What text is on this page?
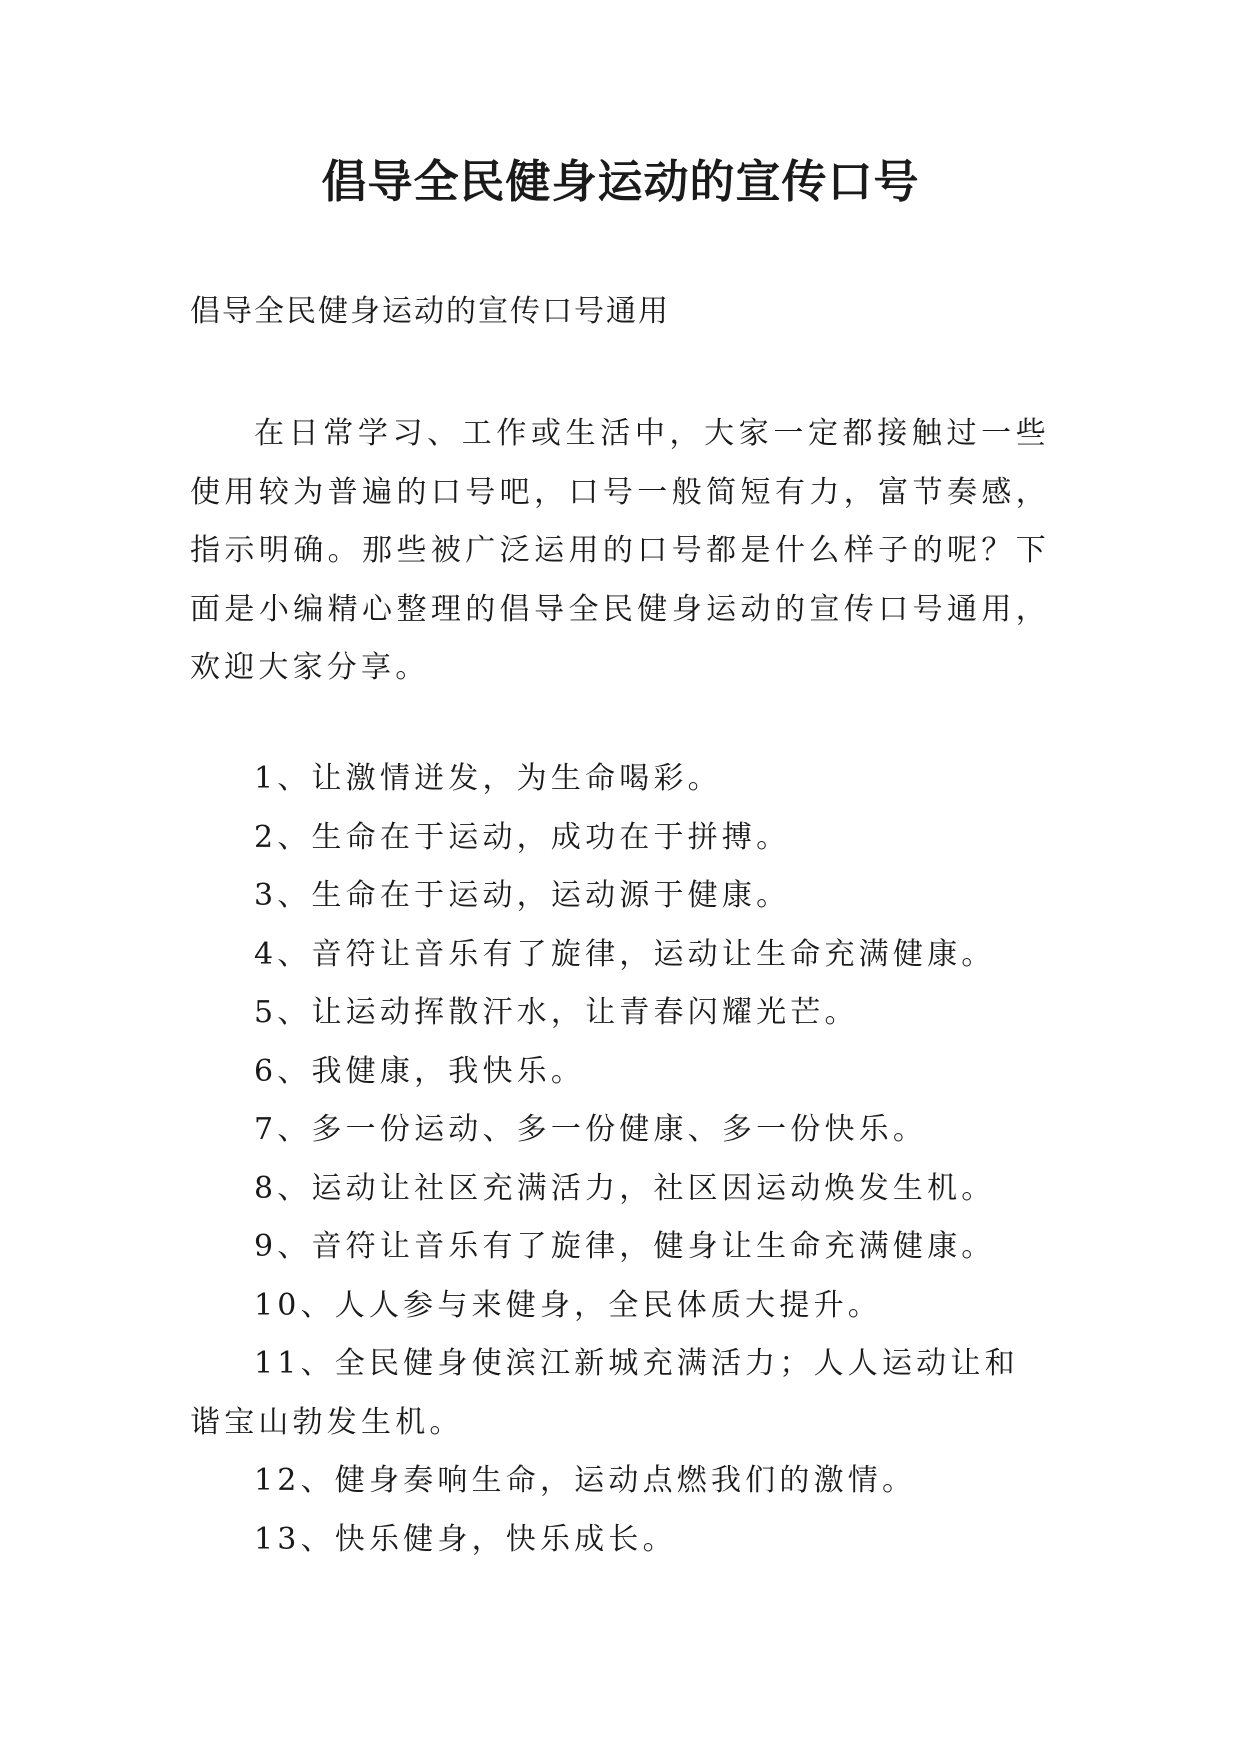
倡导全民健身运动的宣传口号

倡导全民健身运动的宣传口号通用

在日常学习、工作或生活中，大家一定都接触过一些使用较为普遍的口号吧，口号一般简短有力，富节奏感，指示明确。那些被广泛运用的口号都是什么样子的呢？下面是小编精心整理的倡导全民健身运动的宣传口号通用，欢迎大家分享。

1、让激情迸发，为生命喝彩。
2、生命在于运动，成功在于拼搏。
3、生命在于运动，运动源于健康。
4、音符让音乐有了旋律，运动让生命充满健康。
5、让运动挥散汗水，让青春闪耀光芒。
6、我健康，我快乐。
7、多一份运动、多一份健康、多一份快乐。
8、运动让社区充满活力，社区因运动焕发生机。
9、音符让音乐有了旋律，健身让生命充满健康。
10、人人参与来健身，全民体质大提升。
11、全民健身使滨江新城充满活力；人人运动让和谐宝山勃发生机。
12、健身奏响生命，运动点燃我们的激情。
13、快乐健身，快乐成长。
